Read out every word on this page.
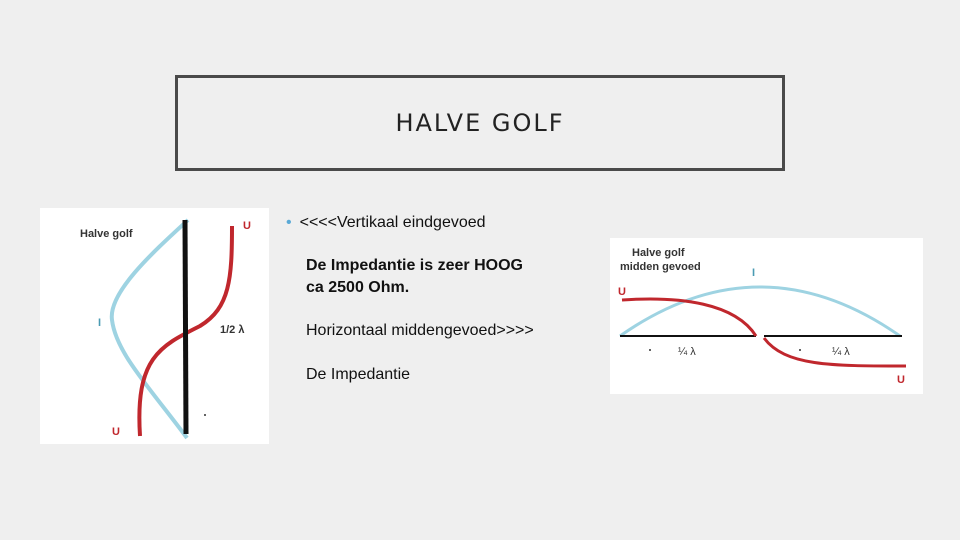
HALVE GOLF
Halve golf
U
I
1/2 λ
U
• <<<<Vertikaal eindgevoed
De Impedantie is zeer HOOG
ca 2500 Ohm.
Horizontaal middengevoed>>>>
De Impedantie
Halve golf
midden gevoed	I
U
U
¼ λ	¼ λ
